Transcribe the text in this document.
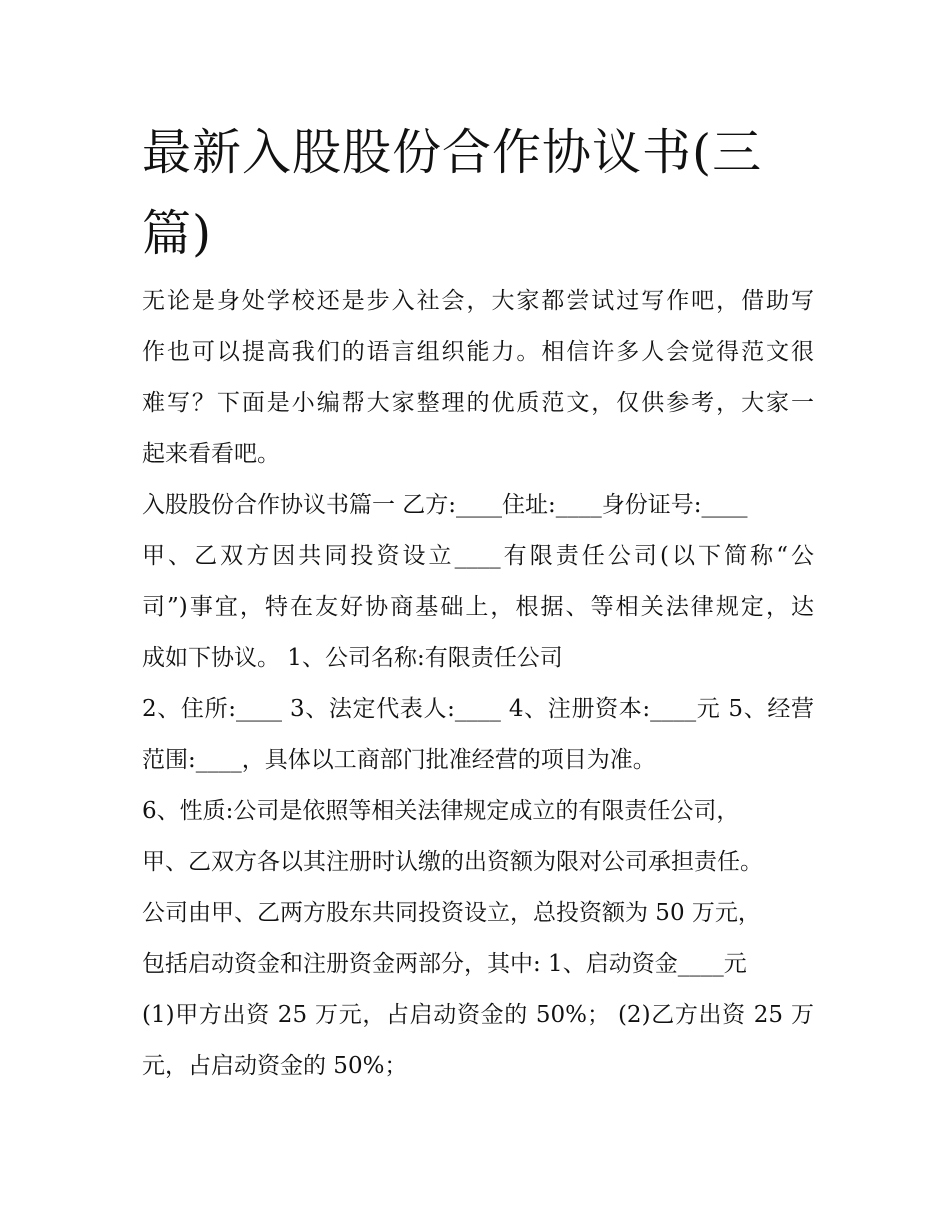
最新入股股份合作协议书(三
篇)
无论是身处学校还是步入社会，大家都尝试过写作吧，借助写
作也可以提高我们的语言组织能力。相信许多人会觉得范文很
难写？下面是小编帮大家整理的优质范文，仅供参考，大家一
起来看看吧。
入股股份合作协议书篇一 乙方:____住址:____身份证号:____
甲、乙双方因共同投资设立____有限责任公司(以下简称“公
司”)事宜，特在友好协商基础上，根据、等相关法律规定，达
成如下协议。 1、公司名称:有限责任公司
2、住所:____ 3、法定代表人:____ 4、注册资本:____元 5、经营
范围:____，具体以工商部门批准经营的项目为准。
6、性质:公司是依照等相关法律规定成立的有限责任公司，
甲、乙双方各以其注册时认缴的出资额为限对公司承担责任。
公司由甲、乙两方股东共同投资设立，总投资额为 50 万元，
包括启动资金和注册资金两部分，其中: 1、启动资金____元
(1)甲方出资 25 万元，占启动资金的 50%； (2)乙方出资 25 万
元，占启动资金的 50%；
